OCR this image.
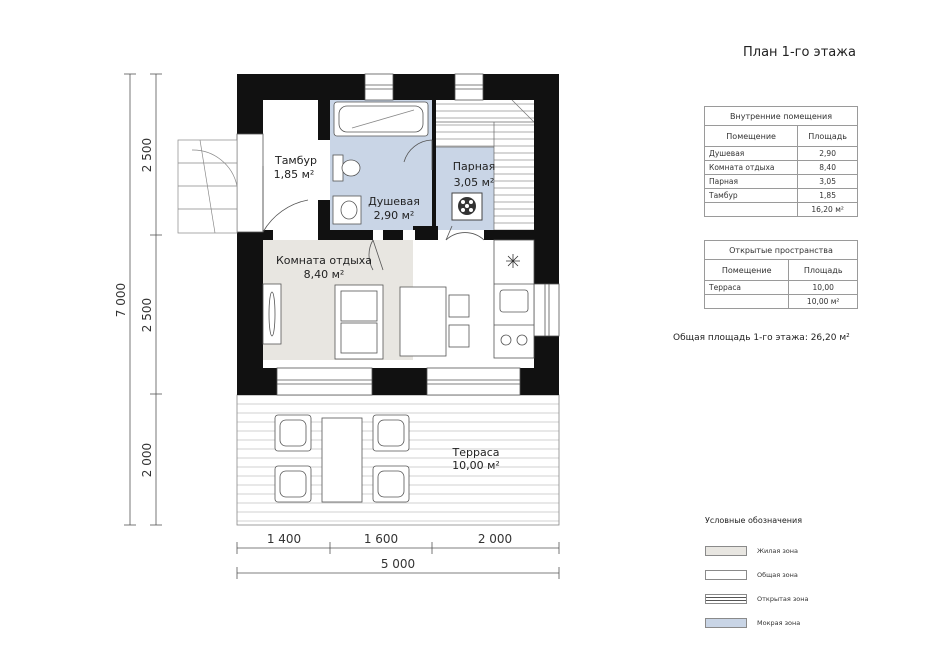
Тамбур
1,85 м²
Душевая
2,90 м²
Парная
3,05 м²
Комната отдыха
8,40 м²
Терраса
10,00 м²
7 000
2 500
2 500
2 000
1 400	1 600	2 000
5 000
План 1-го этажа
Внутренние помещения	
Помещение	Площадь
Душевая	2,90
Комната отдыха	8,40
Парная	3,05
Тамбур	1,85
	16,20 м²
Открытые пространства	
Помещение	Площадь
Терраса	10,00
	10,00 м²
Общая площадь 1-го этажа: 26,20 м²
Условные обозначения
Жилая зона
Общая зона
Открытая зона
Мокрая зона
